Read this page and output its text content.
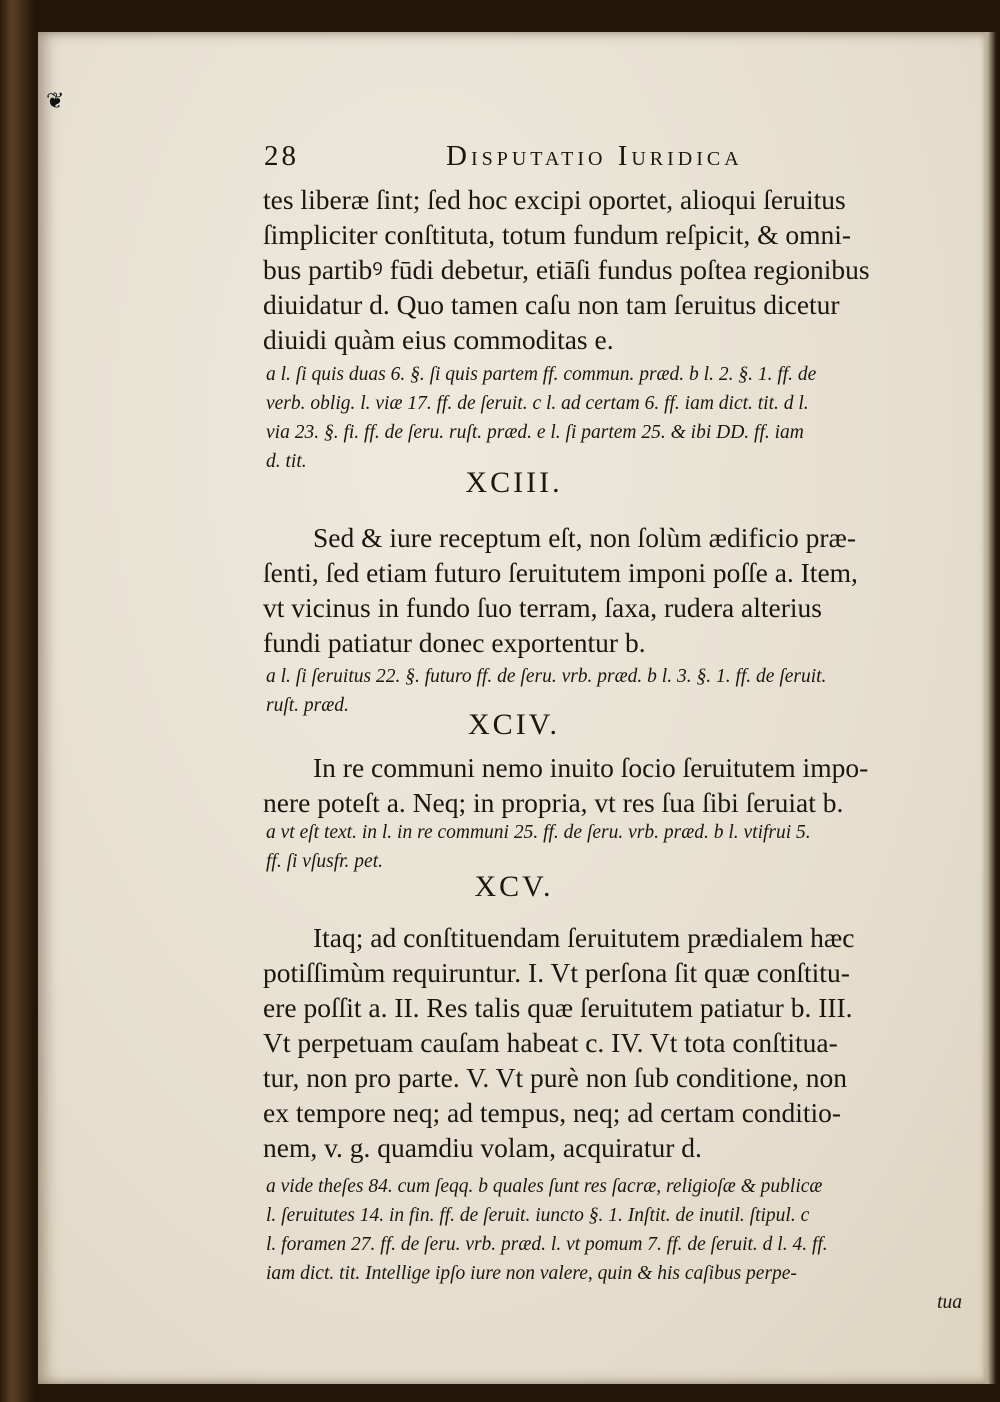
❦
28	Disputatio Iuridica
tes liberæ ſint; ſed hoc excipi oportet, alioqui ſeruitus
ſimpliciter conſtituta, totum fundum reſpicit, & omni-
bus partibꝰ fūdi debetur, etiāſi fundus poſtea regionibus
diuidatur d. Quo tamen caſu non tam ſeruitus dicetur
diuidi quàm eius commoditas e.
a l. ſi quis duas 6. §. ſi quis partem ff. commun. præd. b l. 2. §. 1. ff. de
verb. oblig. l. viæ 17. ff. de ſeruit. c l. ad certam 6. ff. iam dict. tit. d l.
via 23. §. fi. ff. de ſeru. ruſt. præd. e l. ſi partem 25. & ibi DD. ff. iam
d. tit.
XCIII.
Sed & iure receptum eſt, non ſolùm ædificio præ-
ſenti, ſed etiam futuro ſeruitutem imponi poſſe a. Item,
vt vicinus in fundo ſuo terram, ſaxa, rudera alterius
fundi patiatur donec exportentur b.
a l. ſi ſeruitus 22. §. futuro ff. de ſeru. vrb. præd. b l. 3. §. 1. ff. de ſeruit.
ruſt. præd.
XCIV.
In re communi nemo inuito ſocio ſeruitutem impo-
nere poteſt a. Neq; in propria, vt res ſua ſibi ſeruiat b.
a vt eſt text. in l. in re communi 25. ff. de ſeru. vrb. præd. b l. vtifrui 5.
ff. ſi vſusfr. pet.
XCV.
Itaq; ad conſtituendam ſeruitutem prædialem hæc
potiſſimùm requiruntur. I. Vt perſona ſit quæ conſtitu-
ere poſſit a. II. Res talis quæ ſeruitutem patiatur b. III.
Vt perpetuam cauſam habeat c. IV. Vt tota conſtitua-
tur, non pro parte. V. Vt purè non ſub conditione, non
ex tempore neq; ad tempus, neq; ad certam conditio-
nem, v. g. quamdiu volam, acquiratur d.
a vide theſes 84. cum ſeqq. b quales ſunt res ſacræ, religioſæ & publicæ
l. ſeruitutes 14. in fin. ff. de ſeruit. iuncto §. 1. Inſtit. de inutil. ſtipul. c
l. foramen 27. ff. de ſeru. vrb. præd. l. vt pomum 7. ff. de ſeruit. d l. 4. ff.
iam dict. tit. Intellige ipſo iure non valere, quin & his caſibus perpe-
tua
